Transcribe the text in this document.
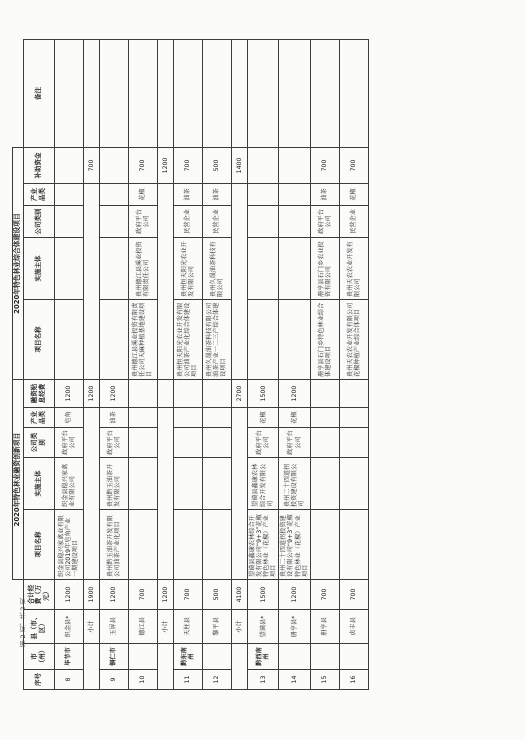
				2020年特色林业融资创新项目					2020年特色林业综合体建设项目					
序号	市（州）	县（市、区）	合计经费（万元）	项目名称	实施主体	公司类别	产业品类	融资贴息经费	项目名称	实施主体	公司类别	产业品类	补助资金	备注
8	毕节市	织金县*	1200	织金县稳兴家禽业有限公司2019年皂角产业一期建设项目	织金县稳兴家禽业有限公司	政府平台公司	皂角	1200						
		小计	1900					1200					700	
9	铜仁市	玉屏县	1200	贵州黔玉油茶开发有限公司油茶产业化项目	贵州黔玉油茶开发有限公司	政府平台公司	油茶	1200						
10		德江县	700						贵州德江县溪业投资有限责任公司天麻种植基地建设项目	贵州德江县溪业投资有限责任公司	政府平台公司	花椒	700	
		小计	1200										1200	
11	黔东南州	天柱县	700						贵州恒天阳光农业开发有限公司油茶产业化综合体建设项目	贵州恒天阳光农业开发有限公司	民营企业	油茶	700	
12		黎平县	500						贵州久晟油茶科技有限公司油茶产业一二三产综合体建设项目	贵州久晟油茶科技有限公司	民营企业	油茶	500	
		小计	4100					2700					1400	
13	黔西南州	望谟县*	1500	望谟县鑫康农林综合开发有限公司“9+3”花椒特色林业（花椒）产业项目	望谟县鑫康农林综合开发有限公司	政府平台公司	花椒	1500						
14		册亨县*	1200	贵州二十四道拐投资建设有限公司“9+3”花椒特色林业（花椒）产业项目	贵州二十四道拐投资建设有限公司	政府平台公司	花椒	1200						
15		册亨县	700						册亨县石门乡特色林业综合体建设项目	册亨县石门乡农业投资有限公司	政府平台公司	油茶	700	
16		贞丰县	700						贵州天农农业开发有限公司花椒种植产业综合体项目	贵州天农农业开发有限公司	民营企业	花椒	700	
第 2 页，共 2 页
